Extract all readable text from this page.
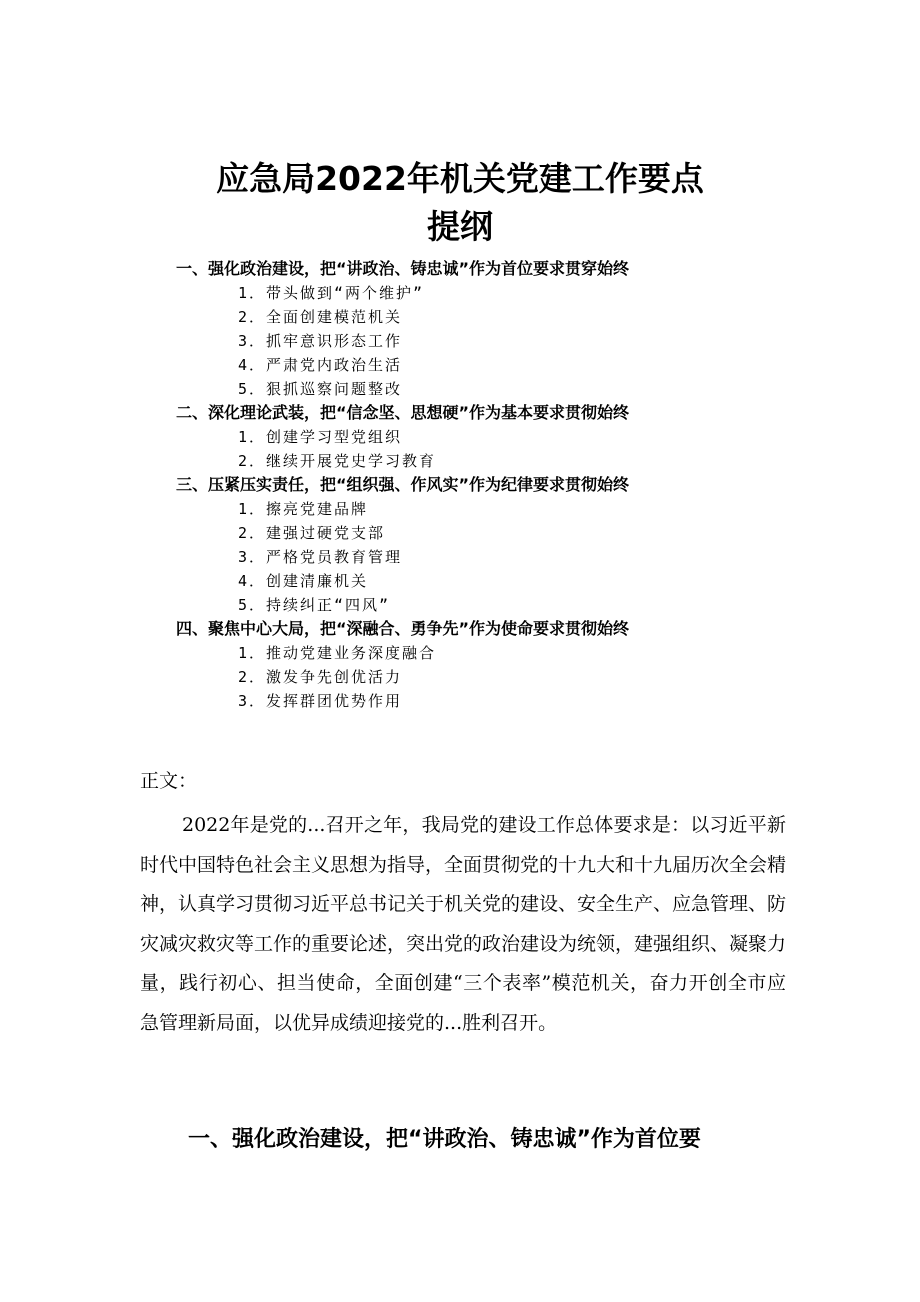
应急局2022年机关党建工作要点
提纲
一、强化政治建设，把“讲政治、铸忠诚”作为首位要求贯穿始终
1．带头做到“两个维护”
2．全面创建模范机关
3．抓牢意识形态工作
4．严肃党内政治生活
5．狠抓巡察问题整改
二、深化理论武装，把“信念坚、思想硬”作为基本要求贯彻始终
1．创建学习型党组织
2．继续开展党史学习教育
三、压紧压实责任，把“组织强、作风实”作为纪律要求贯彻始终
1．擦亮党建品牌
2．建强过硬党支部
3．严格党员教育管理
4．创建清廉机关
5．持续纠正“四风”
四、聚焦中心大局，把“深融合、勇争先”作为使命要求贯彻始终
1．推动党建业务深度融合
2．激发争先创优活力
3．发挥群团优势作用
正文：

2022年是党的...召开之年，我局党的建设工作总体要求是：以习近平新时代中国特色社会主义思想为指导，全面贯彻党的十九大和十九届历次全会精神，认真学习贯彻习近平总书记关于机关党的建设、安全生产、应急管理、防灾减灾救灾等工作的重要论述，突出党的政治建设为统领，建强组织、凝聚力量，践行初心、担当使命，全面创建“三个表率”模范机关，奋力开创全市应急管理新局面，以优异成绩迎接党的...胜利召开。

一、强化政治建设，把“讲政治、铸忠诚”作为首位要
